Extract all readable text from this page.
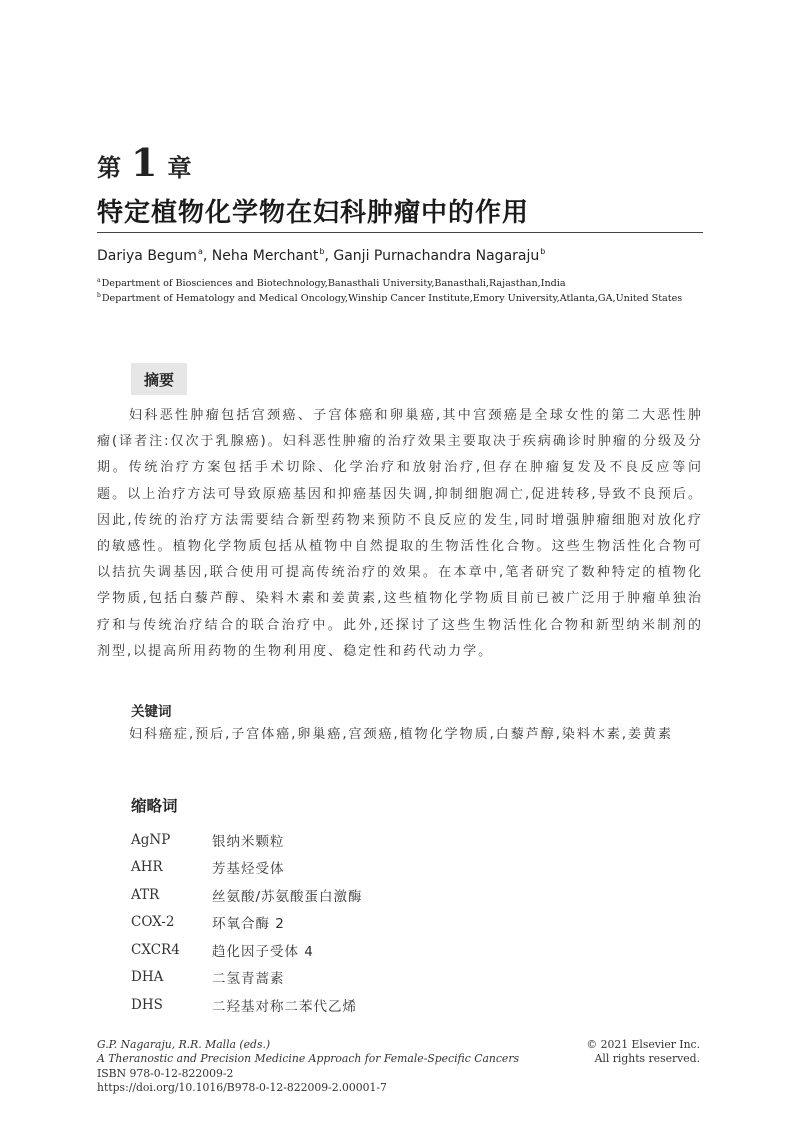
第 1 章
特定植物化学物在妇科肿瘤中的作用
Dariya Begum$^a$, Neha Merchant$^b$, Ganji Purnachandra Nagaraju$^b$
$^a$Department of Biosciences and Biotechnology,Banasthali University,Banasthali,Rajasthan,India
$^b$Department of Hematology and Medical Oncology,Winship Cancer Institute,Emory University,Atlanta,GA,United States
摘要
妇科恶性肿瘤包括宫颈癌、子宫体癌和卵巢癌,其中宫颈癌是全球女性的第二大恶性肿瘤(译者注:仅次于乳腺癌)。妇科恶性肿瘤的治疗效果主要取决于疾病确诊时肿瘤的分级及分期。传统治疗方案包括手术切除、化学治疗和放射治疗,但存在肿瘤复发及不良反应等问题。以上治疗方法可导致原癌基因和抑癌基因失调,抑制细胞凋亡,促进转移,导致不良预后。因此,传统的治疗方法需要结合新型药物来预防不良反应的发生,同时增强肿瘤细胞对放化疗的敏感性。植物化学物质包括从植物中自然提取的生物活性化合物。这些生物活性化合物可以拮抗失调基因,联合使用可提高传统治疗的效果。在本章中,笔者研究了数种特定的植物化学物质,包括白藜芦醇、染料木素和姜黄素,这些植物化学物质目前已被广泛用于肿瘤单独治疗和与传统治疗结合的联合治疗中。此外,还探讨了这些生物活性化合物和新型纳米制剂的剂型,以提高所用药物的生物利用度、稳定性和药代动力学。
关键词
妇科癌症,预后,子宫体癌,卵巢癌,宫颈癌,植物化学物质,白藜芦醇,染料木素,姜黄素
缩略词
AgNP	银纳米颗粒
AHR	芳基烃受体
ATR	丝氨酸/苏氨酸蛋白激酶
COX-2	环氧合酶 2
CXCR4	趋化因子受体 4
DHA	二氢青蒿素
DHS	二羟基对称二苯代乙烯
G.P. Nagaraju, R.R. Malla (eds.)
A Theranostic and Precision Medicine Approach for Female-Specific Cancers
ISBN 978-0-12-822009-2
https://doi.org/10.1016/B978-0-12-822009-2.00001-7
© 2021 Elsevier Inc.
All rights reserved.
